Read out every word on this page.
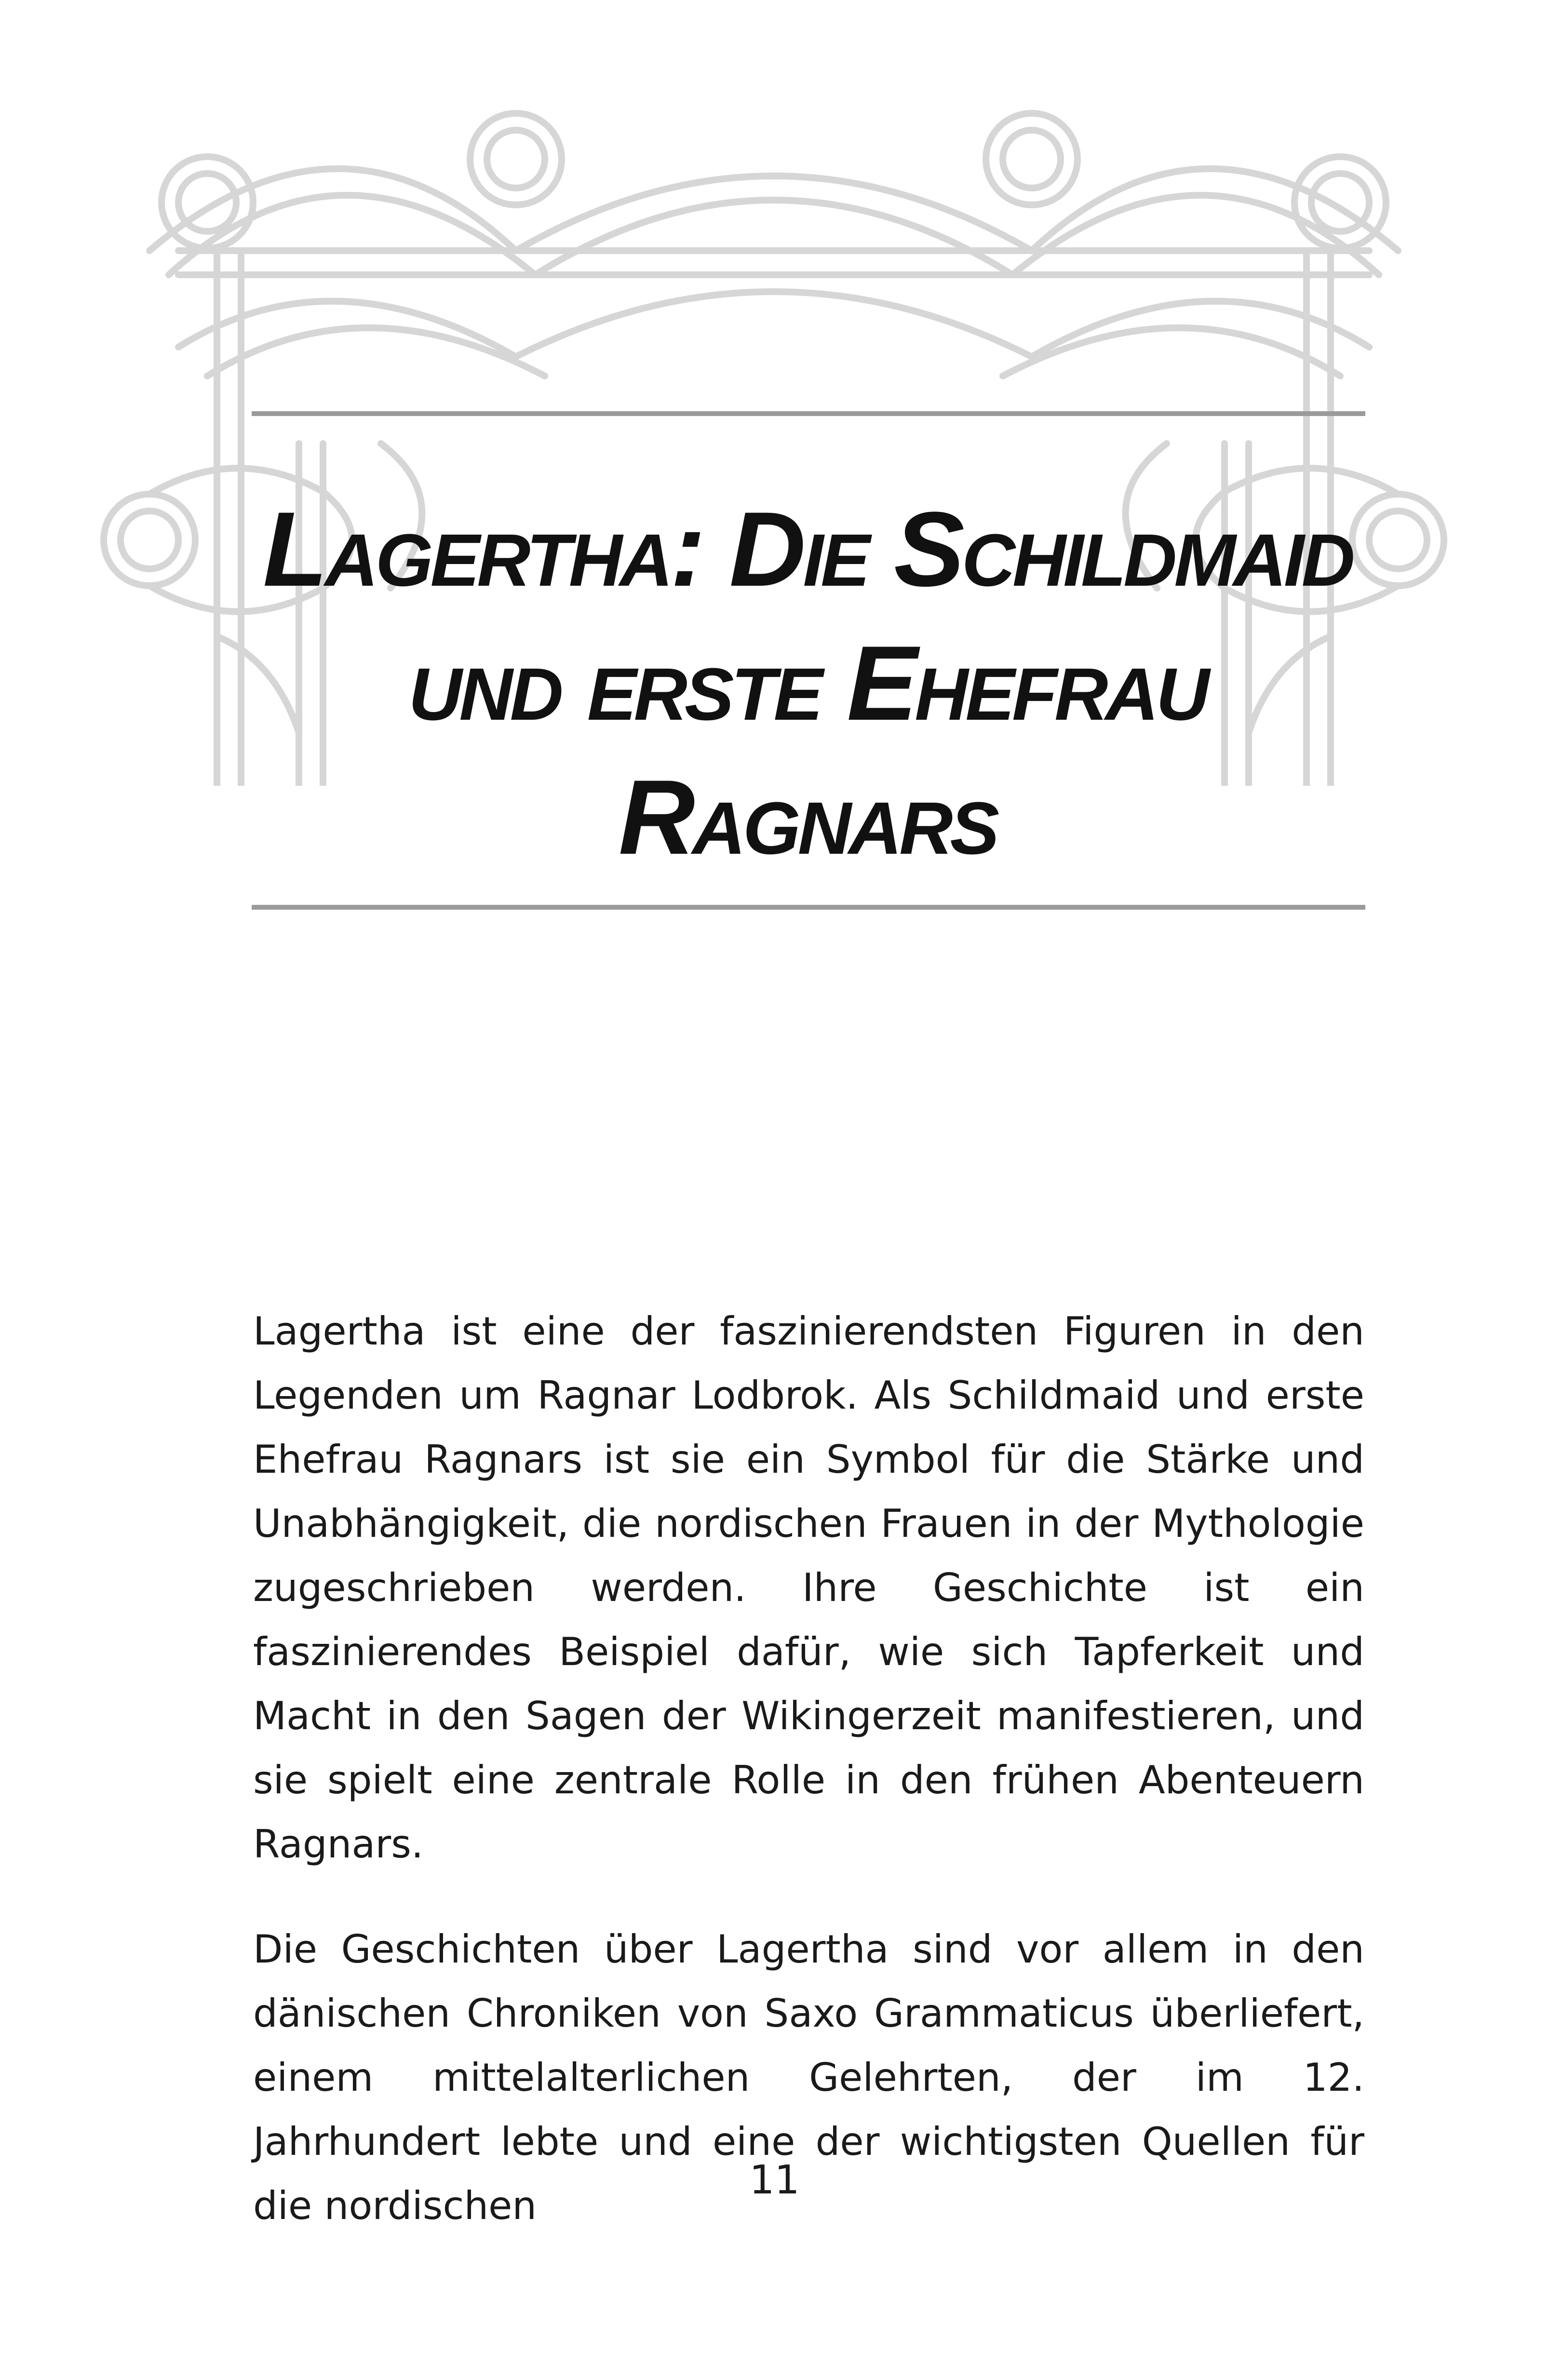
Lagertha: Die Schildmaid
und erste Ehefrau
Ragnars

Lagertha ist eine der faszinierendsten Figuren in den Legenden um Ragnar Lodbrok. Als Schildmaid und erste Ehefrau Ragnars ist sie ein Symbol für die Stärke und Unabhängigkeit, die nordischen Frauen in der Mythologie zugeschrieben werden. Ihre Geschichte ist ein faszinierendes Beispiel dafür, wie sich Tapferkeit und Macht in den Sagen der Wikingerzeit manifestieren, und sie spielt eine zentrale Rolle in den frühen Abenteuern Ragnars.

Die Geschichten über Lagertha sind vor allem in den dänischen Chroniken von Saxo Grammaticus überliefert, einem mittelalterlichen Gelehrten, der im 12. Jahrhundert lebte und eine der wichtigsten Quellen für die nordischen

11
